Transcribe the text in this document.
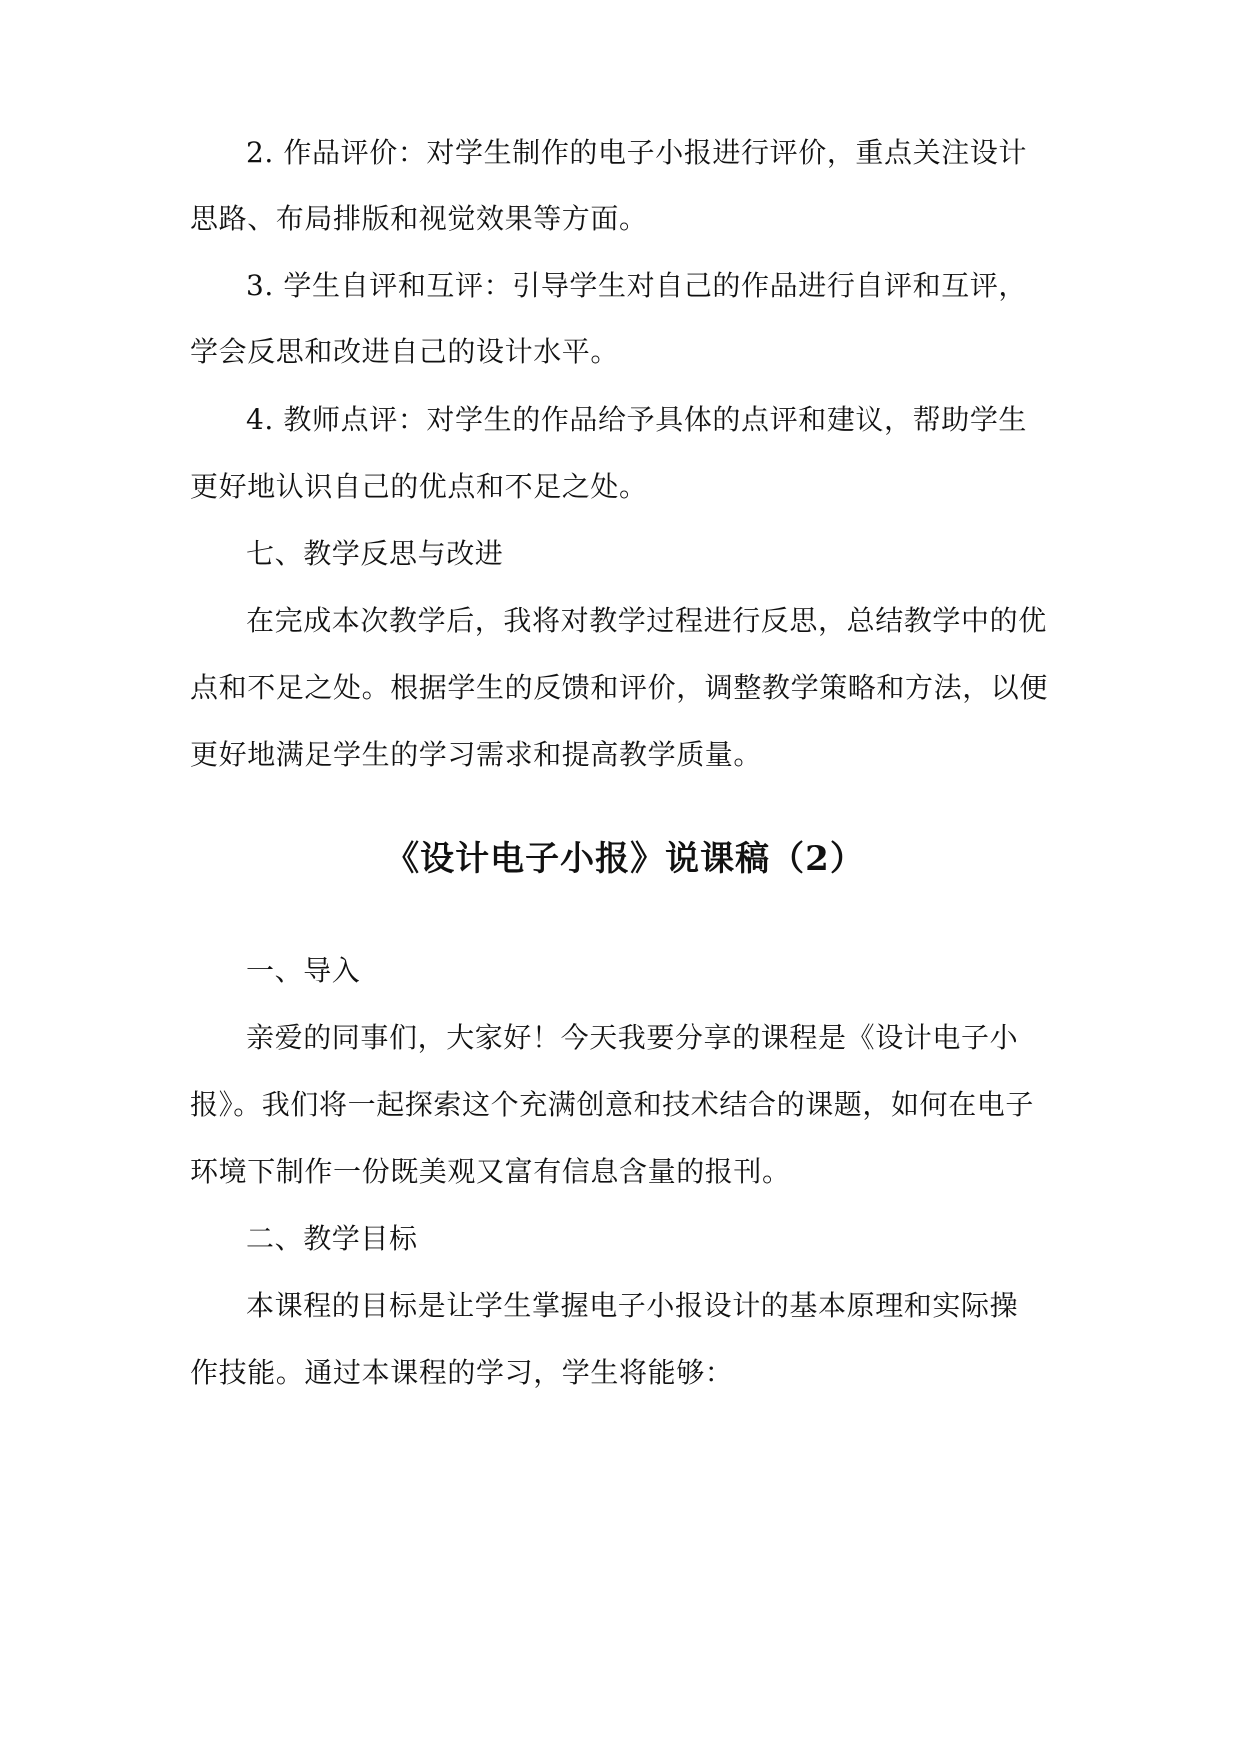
2. 作品评价：对学生制作的电子小报进行评价，重点关注设计
思路、布局排版和视觉效果等方面。
3. 学生自评和互评：引导学生对自己的作品进行自评和互评，
学会反思和改进自己的设计水平。
4. 教师点评：对学生的作品给予具体的点评和建议，帮助学生
更好地认识自己的优点和不足之处。
七、教学反思与改进
在完成本次教学后，我将对教学过程进行反思，总结教学中的优
点和不足之处。根据学生的反馈和评价，调整教学策略和方法，以便
更好地满足学生的学习需求和提高教学质量。
《设计电子小报》说课稿（2）
一、导入
亲爱的同事们，大家好！今天我要分享的课程是《设计电子小
报》。我们将一起探索这个充满创意和技术结合的课题，如何在电子
环境下制作一份既美观又富有信息含量的报刊。
二、教学目标
本课程的目标是让学生掌握电子小报设计的基本原理和实际操
作技能。通过本课程的学习，学生将能够：
